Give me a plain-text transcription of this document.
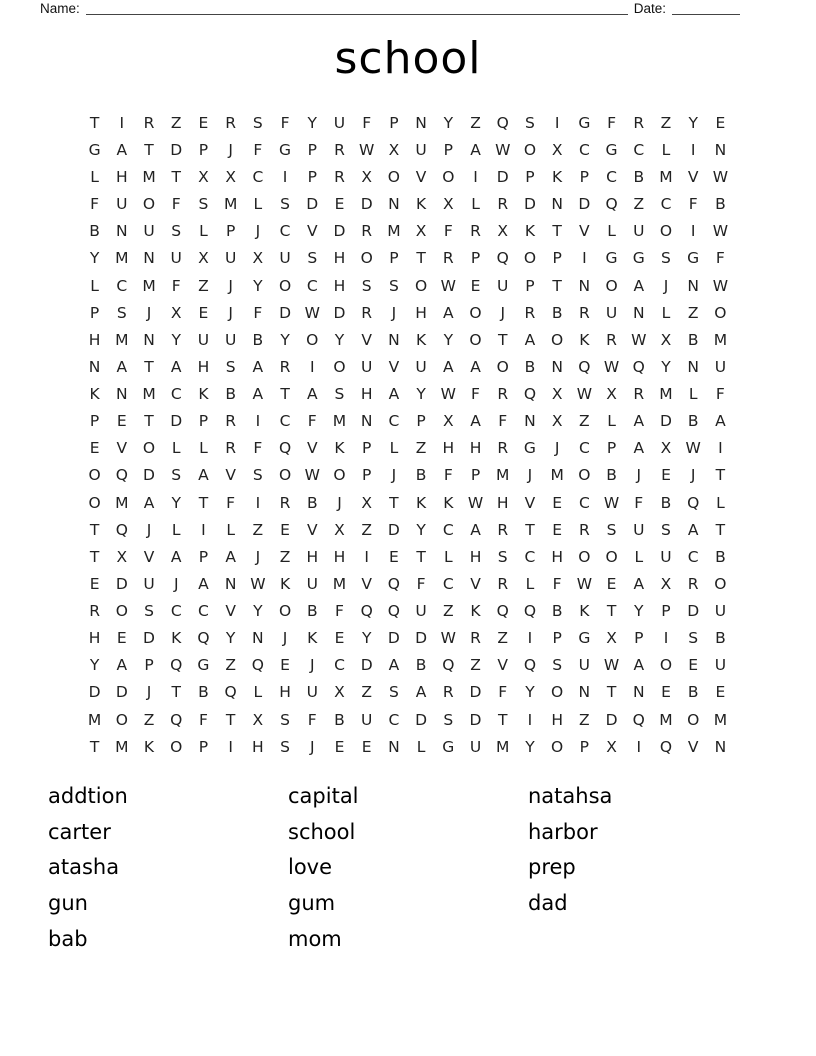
Name:	Date:
school
T	I	R	Z	E	R	S	F	Y	U	F	P	N	Y	Z	Q	S	I	G	F	R	Z	Y	E
G	A	T	D	P	J	F	G	P	R W X	U	P	A W O	X	C	G	C	L	I	N
L	H M	T	X	X	C	I	P	R	X	O	V	O	I	D	P	K	P	C	B M V W
F	U O	F	S	M	L	S	D	E	D N	K	X	L	R	D N D Q	Z	C	F	B
B	N	U	S	L	P	J	C	V	D	R M X	F	R	X	K	T	V	L	U O	I	W
Y	M N	U	X	U	X	U	S	H O	P	T	R	P	Q O	P	I	G G	S	G	F
L	C M	F	Z	J	Y	O	C	H	S	S	O W E	U	P	T	N O	A	J	N W
P	S	J	X	E	J	F	D W D	R	J	H	A	O	J	R	B	R	U	N	L	Z	O
H M N	Y	U	U	B	Y	O	Y	V	N	K	Y	O	T	A	O	K	R W X	B M
N	A	T	A	H	S	A	R	I	O U	V	U	A	A	O	B	N Q W Q	Y	N	U
K	N M C	K	B	A	T	A	S	H	A	Y W F	R	Q	X W X	R M	L	F
P	E	T	D	P	R	I	C	F	M N	C	P	X	A	F	N	X	Z	L	A	D	B	A
E	V	O	L	L	R	F	Q	V	K	P	L	Z	H	H	R	G	J	C	P	A	X W	I
O Q D	S	A	V	S	O W O	P	J	B	F	P	M	J	M O	B	J	E	J	T
O M A	Y	T	F	I	R	B	J	X	T	K	K W H	V	E	C W F	B	Q	L
T	Q	J	L	I	L	Z	E	V	X	Z	D	Y	C	A	R	T	E	R	S	U	S	A	T
T	X	V	A	P	A	J	Z	H	H	I	E	T	L	H	S	C	H O O	L	U	C	B
E	D	U	J	A	N W K	U M V	Q	F	C	V	R	L	F W E	A	X	R	O
R	O	S	C	C	V	Y	O	B	F	Q Q U	Z	K	Q Q	B	K	T	Y	P	D	U
H	E	D	K	Q	Y	N	J	K	E	Y	D D W R	Z	I	P	G	X	P	I	S	B
Y	A	P	Q G	Z	Q	E	J	C	D	A	B	Q	Z	V	Q	S	U W A	O	E	U
D D	J	T	B	Q	L	H	U	X	Z	S	A	R	D	F	Y	O N	T	N	E	B	E
M O	Z	Q	F	T	X	S	F	B	U	C	D	S	D	T	I	H	Z	D Q M O M
T	M K	O	P	I	H	S	J	E	E	N	L	G	U M	Y	O	P	X	I	Q	V	N
addtion
carter
atasha
gun
bab
capital
school
love
gum
mom
natahsa
harbor
prep
dad
